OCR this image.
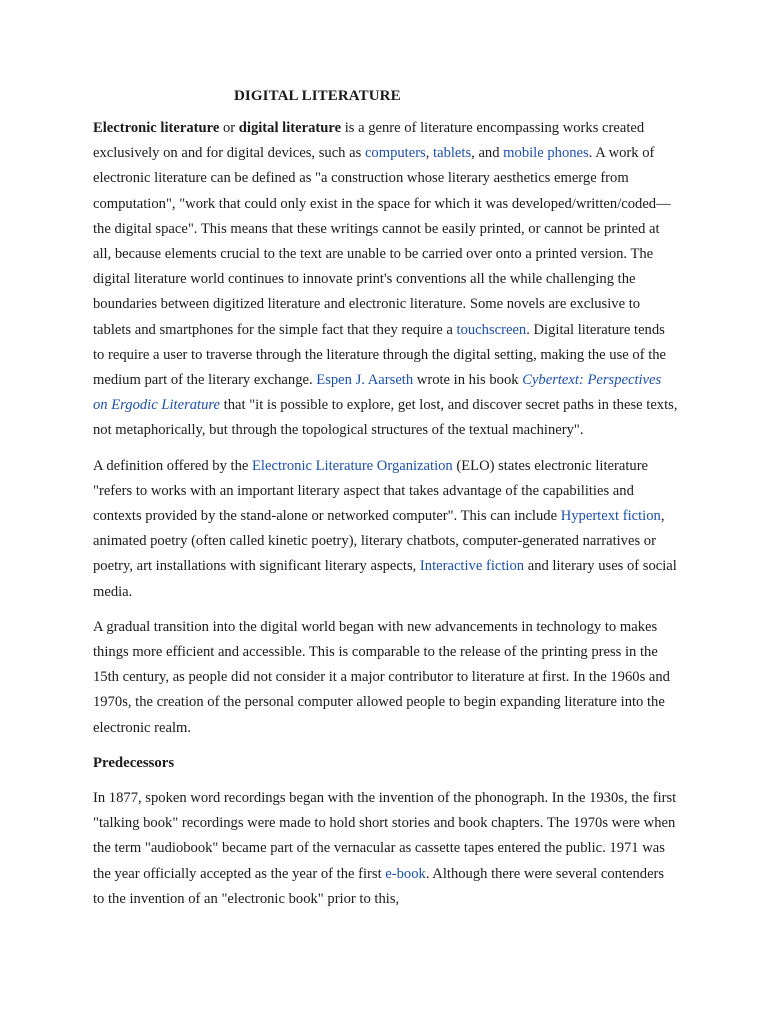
DIGITAL LITERATURE

Electronic literature or digital literature is a genre of literature encompassing works created exclusively on and for digital devices, such as computers, tablets, and mobile phones. A work of electronic literature can be defined as "a construction whose literary aesthetics emerge from computation", "work that could only exist in the space for which it was developed/written/coded—the digital space". This means that these writings cannot be easily printed, or cannot be printed at all, because elements crucial to the text are unable to be carried over onto a printed version. The digital literature world continues to innovate print's conventions all the while challenging the boundaries between digitized literature and electronic literature. Some novels are exclusive to tablets and smartphones for the simple fact that they require a touchscreen. Digital literature tends to require a user to traverse through the literature through the digital setting, making the use of the medium part of the literary exchange. Espen J. Aarseth wrote in his book Cybertext: Perspectives on Ergodic Literature that "it is possible to explore, get lost, and discover secret paths in these texts, not metaphorically, but through the topological structures of the textual machinery".

A definition offered by the Electronic Literature Organization (ELO) states electronic literature "refers to works with an important literary aspect that takes advantage of the capabilities and contexts provided by the stand-alone or networked computer". This can include Hypertext fiction, animated poetry (often called kinetic poetry), literary chatbots, computer-generated narratives or poetry, art installations with significant literary aspects, Interactive fiction and literary uses of social media.

A gradual transition into the digital world began with new advancements in technology to makes things more efficient and accessible. This is comparable to the release of the printing press in the 15th century, as people did not consider it a major contributor to literature at first. In the 1960s and 1970s, the creation of the personal computer allowed people to begin expanding literature into the electronic realm.

Predecessors

In 1877, spoken word recordings began with the invention of the phonograph. In the 1930s, the first "talking book" recordings were made to hold short stories and book chapters. The 1970s were when the term "audiobook" became part of the vernacular as cassette tapes entered the public. 1971 was the year officially accepted as the year of the first e-book. Although there were several contenders to the invention of an "electronic book" prior to this,
